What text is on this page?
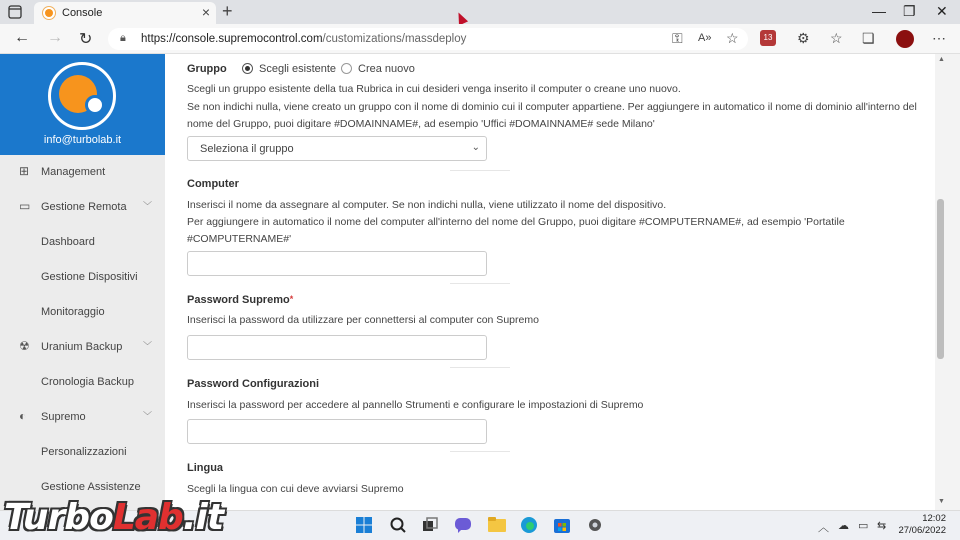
Console	× +	— ❐ ✕
← → ↻	🔒︎ https://console.supremocontrol.com/customizations/massdeploy	⚿ A» ☆	⚙ ☆ ❏	⋯
13
info@turbolab.it
⊞ Management
▭ Gestione Remota ﹀
Dashboard
Gestione Dispositivi
Monitoraggio
☢ Uranium Backup ﹀
Cronologia Backup
◐ Supremo	﹀
Personalizzazioni
Gestione Assistenze
Gruppo	Scegli esistente Crea nuovo
Scegli un gruppo esistente della tua Rubrica in cui desideri venga inserito il computer o creane uno nuovo.
Se non indichi nulla, viene creato un gruppo con il nome di dominio cui il computer appartiene. Per aggiungere in automatico il nome di dominio all'interno del nome del Gruppo, puoi digitare #DOMAINNAME#, ad esempio 'Uffici #DOMAINNAME# sede Milano'
Seleziona il gruppo	⌄
Computer
Inserisci il nome da assegnare al computer. Se non indichi nulla, viene utilizzato il nome del dispositivo.
Per aggiungere in automatico il nome del computer all'interno del nome del Gruppo, puoi digitare #COMPUTERNAME#, ad esempio 'Portatile #COMPUTERNAME#'
Password Supremo*
Inserisci la password da utilizzare per connettersi al computer con Supremo
Password Configurazioni
Inserisci la password per accedere al pannello Strumenti e configurare le impostazioni di Supremo
Lingua
Scegli la lingua con cui deve avviarsi Supremo
▲
▼
︿ ☁ ▭ ⇆
12:02
27/06/2022
TurboLab.it
